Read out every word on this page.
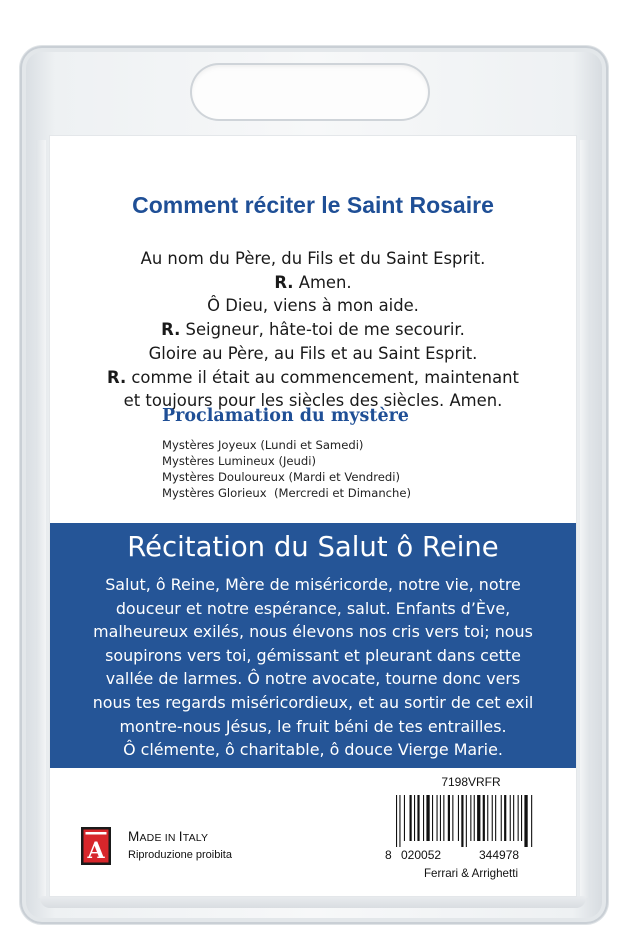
Comment réciter le Saint Rosaire
Au nom du Père, du Fils et du Saint Esprit.
R. Amen.
Ô Dieu, viens à mon aide.
R. Seigneur, hâte-toi de me secourir.
Gloire au Père, au Fils et au Saint Esprit.
R. comme il était au commencement, maintenant
et toujours pour les siècles des siècles. Amen.
Proclamation du mystère
Mystères Joyeux (Lundi et Samedi)
Mystères Lumineux (Jeudi)
Mystères Douloureux (Mardi et Vendredi)
Mystères Glorieux  (Mercredi et Dimanche)
Récitation du Salut ô Reine
Salut, ô Reine, Mère de miséricorde, notre vie, notre
douceur et notre espérance, salut. Enfants d’Ève,
malheureux exilés, nous élevons nos cris vers toi; nous
soupirons vers toi, gémissant et pleurant dans cette
vallée de larmes. Ô notre avocate, tourne donc vers
nous tes regards miséricordieux, et au sortir de cet exil
montre-nous Jésus, le fruit béni de tes entrailles.
Ô clémente, ô charitable, ô douce Vierge Marie.
A
MADE IN ITALY
Riproduzione proibita
7198VRFR
8 020052	344978
Ferrari & Arrighetti
